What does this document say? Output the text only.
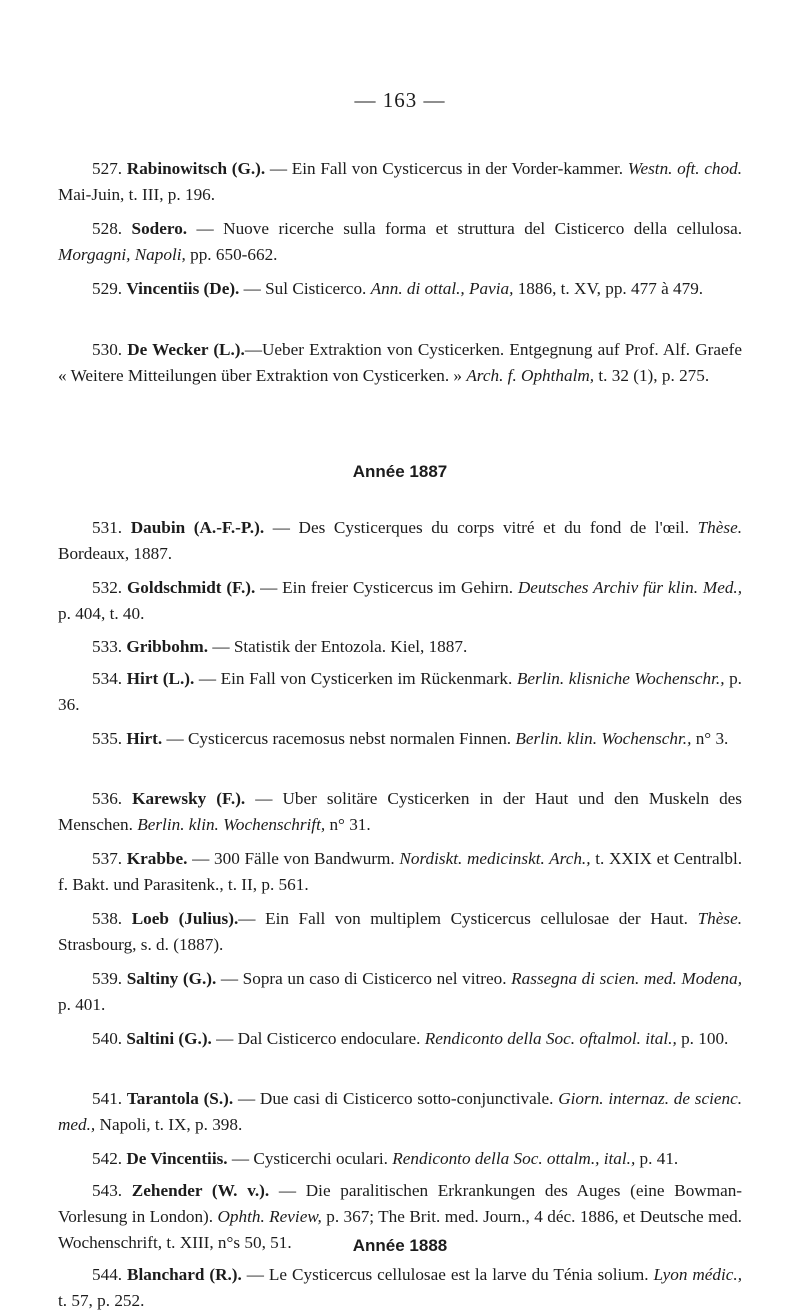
— 163 —
527. Rabinowitsch (G.). — Ein Fall von Cysticercus in der Vorder-kammer. Westn. oft. chod. Mai-Juin, t. III, p. 196.
528. Sodero. — Nuove ricerche sulla forma et struttura del Cisticerco della cellulosa. Morgagni, Napoli, pp. 650-662.
529. Vincentiis (De). — Sul Cisticerco. Ann. di ottal., Pavia, 1886, t. XV, pp. 477 à 479.
530. De Wecker (L.).—Ueber Extraktion von Cysticerken. Entgegnung auf Prof. Alf. Graefe « Weitere Mitteilungen über Extraktion von Cysticerken. » Arch. f. Ophthalm, t. 32 (1), p. 275.
Année 1887
531. Daubin (A.-F.-P.). — Des Cysticerques du corps vitré et du fond de l'œil. Thèse. Bordeaux, 1887.
532. Goldschmidt (F.). — Ein freier Cysticercus im Gehirn. Deutsches Archiv für klin. Med., p. 404, t. 40.
533. Gribbohm. — Statistik der Entozola. Kiel, 1887.
534. Hirt (L.). — Ein Fall von Cysticerken im Rückenmark. Berlin. klisniche Wochenschr., p. 36.
535. Hirt. — Cysticercus racemosus nebst normalen Finnen. Berlin. klin. Wochenschr., n° 3.
536. Karewsky (F.). — Uber solitäre Cysticerken in der Haut und den Muskeln des Menschen. Berlin. klin. Wochenschrift, n° 31.
537. Krabbe. — 300 Fälle von Bandwurm. Nordiskt. medicinskt. Arch., t. XXIX et Centralbl. f. Bakt. und Parasitenk., t. II, p. 561.
538. Loeb (Julius).— Ein Fall von multiplem Cysticercus cellulosae der Haut. Thèse. Strasbourg, s. d. (1887).
539. Saltiny (G.). — Sopra un caso di Cisticerco nel vitreo. Rassegna di scien. med. Modena, p. 401.
540. Saltini (G.). — Dal Cisticerco endoculare. Rendiconto della Soc. oftalmol. ital., p. 100.
541. Tarantola (S.). — Due casi di Cisticerco sotto-conjunctivale. Giorn. internaz. de scienc. med., Napoli, t. IX, p. 398.
542. De Vincentiis. — Cysticerchi oculari. Rendiconto della Soc. ottalm., ital., p. 41.
543. Zehender (W. v.). — Die paralitischen Erkrankungen des Auges (eine Bowman-Vorlesung in London). Ophth. Review, p. 367; The Brit. med. Journ., 4 déc. 1886, et Deutsche med. Wochenschrift, t. XIII, n°s 50, 51.	Année 1888
544. Blanchard (R.). — Le Cysticercus cellulosae est la larve du Ténia solium. Lyon médic., t. 57, p. 252.
